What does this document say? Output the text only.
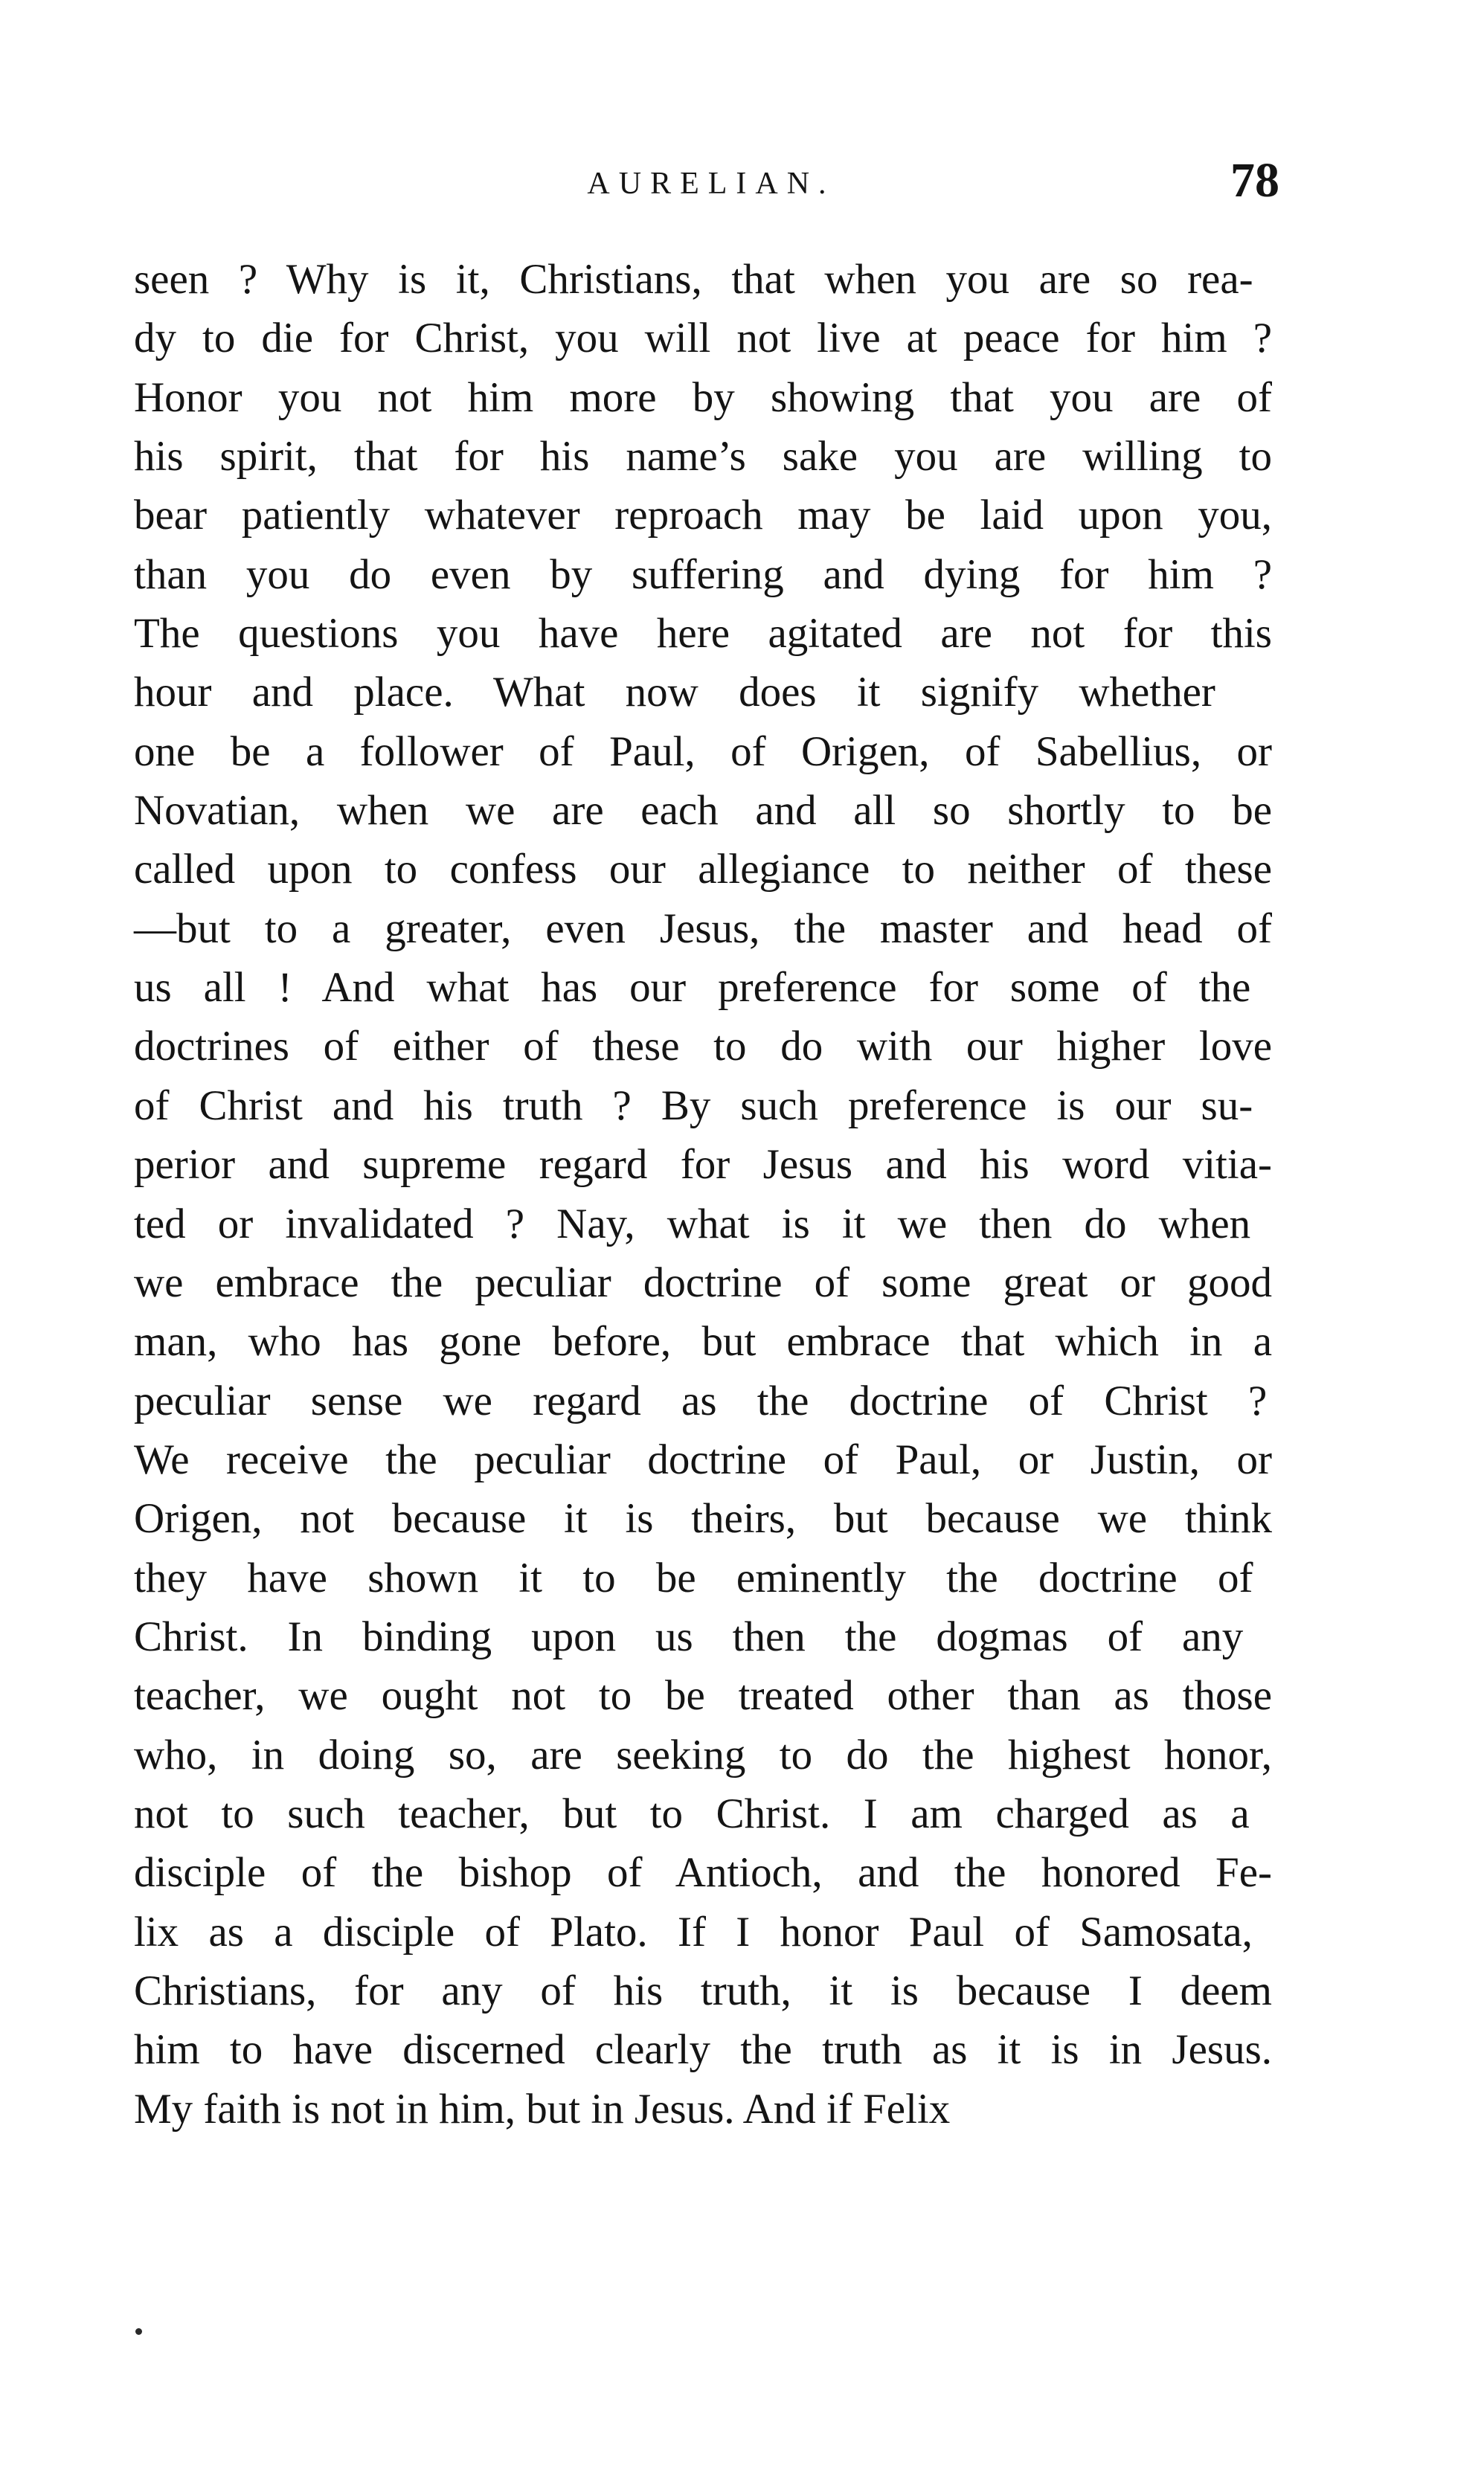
AURELIAN.	78
seen ? Why is it, Christians, that when you are so rea-
dy to die for Christ, you will not live at peace for him ?
Honor you not him more by showing that you are of
his spirit, that for his name’s sake you are willing to
bear patiently whatever reproach may be laid upon you,
than you do even by suffering and dying for him ?
The questions you have here agitated are not for this
hour and place. What now does it signify whether
one be a follower of Paul, of Origen, of Sabellius, or
Novatian, when we are each and all so shortly to be
called upon to confess our allegiance to neither of these
—but to a greater, even Jesus, the master and head of
us all ! And what has our preference for some of the
doctrines of either of these to do with our higher love
of Christ and his truth ? By such preference is our su-
perior and supreme regard for Jesus and his word vitia-
ted or invalidated ? Nay, what is it we then do when
we embrace the peculiar doctrine of some great or good
man, who has gone before, but embrace that which in a
peculiar sense we regard as the doctrine of Christ ?
We receive the peculiar doctrine of Paul, or Justin, or
Origen, not because it is theirs, but because we think
they have shown it to be eminently the doctrine of
Christ. In binding upon us then the dogmas of any
teacher, we ought not to be treated other than as those
who, in doing so, are seeking to do the highest honor,
not to such teacher, but to Christ. I am charged as a
disciple of the bishop of Antioch, and the honored Fe-
lix as a disciple of Plato. If I honor Paul of Samosata,
Christians, for any of his truth, it is because I deem
him to have discerned clearly the truth as it is in Jesus.
My faith is not in him, but in Jesus. And if Felix
